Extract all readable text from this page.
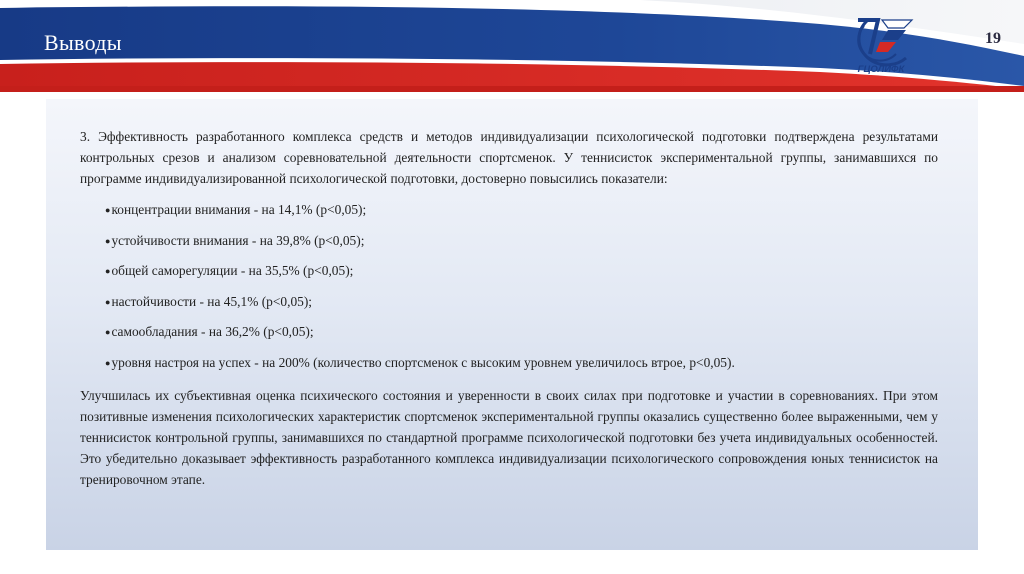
Выводы
ГЦОЛИФК
19

3. Эффективность разработанного комплекса средств и методов индивидуализации психологической подготовки подтверждена результатами контрольных срезов и анализом соревновательной деятельности спортсменок. У теннисисток экспериментальной группы, занимавшихся по программе индивидуализированной психологической подготовки, достоверно повысились показатели:

●концентрации внимания - на 14,1% (р<0,05);
●устойчивости внимания - на 39,8% (р<0,05);
●общей саморегуляции - на 35,5% (р<0,05);
●настойчивости - на 45,1% (р<0,05);
●самообладания - на 36,2% (р<0,05);
●уровня настроя на успех - на 200% (количество спортсменок с высоким уровнем увеличилось втрое, р<0,05).

Улучшилась их субъективная оценка психического состояния и уверенности в своих силах при подготовке и участии в соревнованиях. При этом позитивные изменения психологических характеристик спортсменок экспериментальной группы оказались существенно более выраженными, чем у теннисисток контрольной группы, занимавшихся по стандартной программе психологической подготовки без учета индивидуальных особенностей. Это убедительно доказывает эффективность разработанного комплекса индивидуализации психологического сопровождения юных теннисисток на тренировочном этапе.
